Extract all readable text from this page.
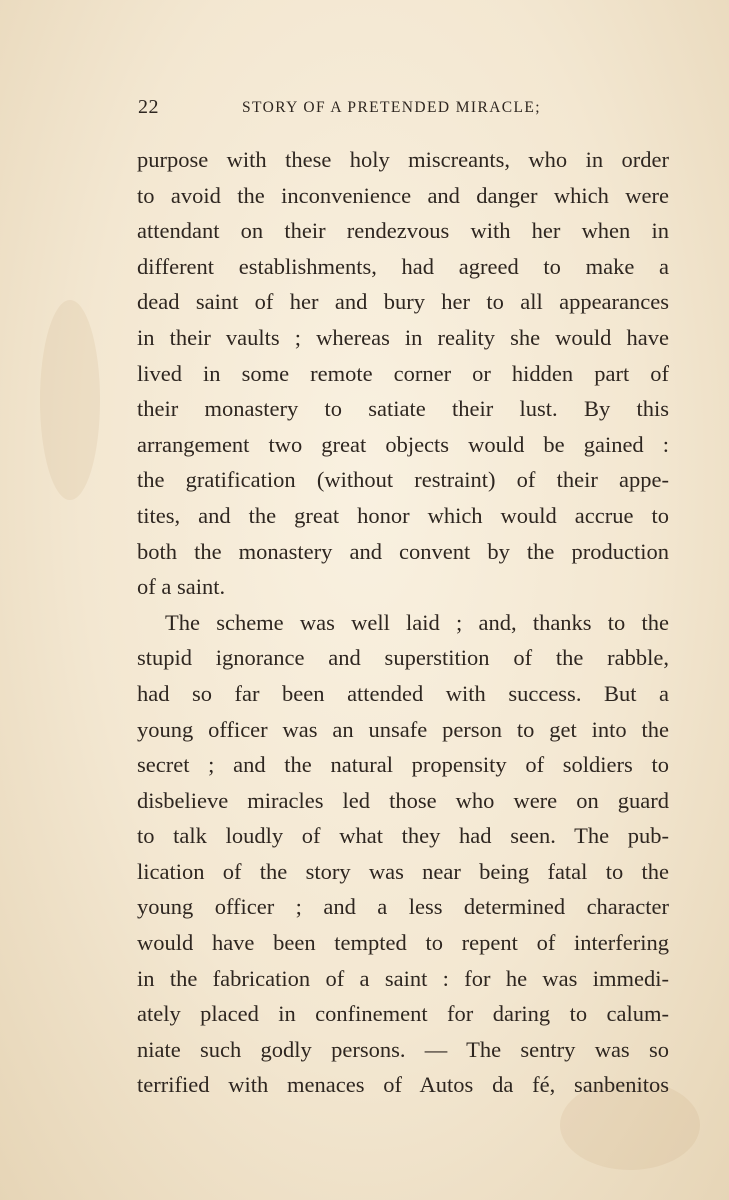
22	STORY OF A PRETENDED MIRACLE;
purpose with these holy miscreants, who in order
to avoid the inconvenience and danger which were
attendant on their rendezvous with her when in
different establishments, had agreed to make a
dead saint of her and bury her to all appearances
in their vaults ; whereas in reality she would have
lived in some remote corner or hidden part of
their monastery to satiate their lust. By this
arrangement two great objects would be gained :
the gratification (without restraint) of their appe-
tites, and the great honor which would accrue to
both the monastery and convent by the production
of a saint.
The scheme was well laid ; and, thanks to the
stupid ignorance and superstition of the rabble,
had so far been attended with success. But a
young officer was an unsafe person to get into the
secret ; and the natural propensity of soldiers to
disbelieve miracles led those who were on guard
to talk loudly of what they had seen. The pub-
lication of the story was near being fatal to the
young officer ; and a less determined character
would have been tempted to repent of interfering
in the fabrication of a saint : for he was immedi-
ately placed in confinement for daring to calum-
niate such godly persons. — The sentry was so
terrified with menaces of Autos da fé, sanbenitos
